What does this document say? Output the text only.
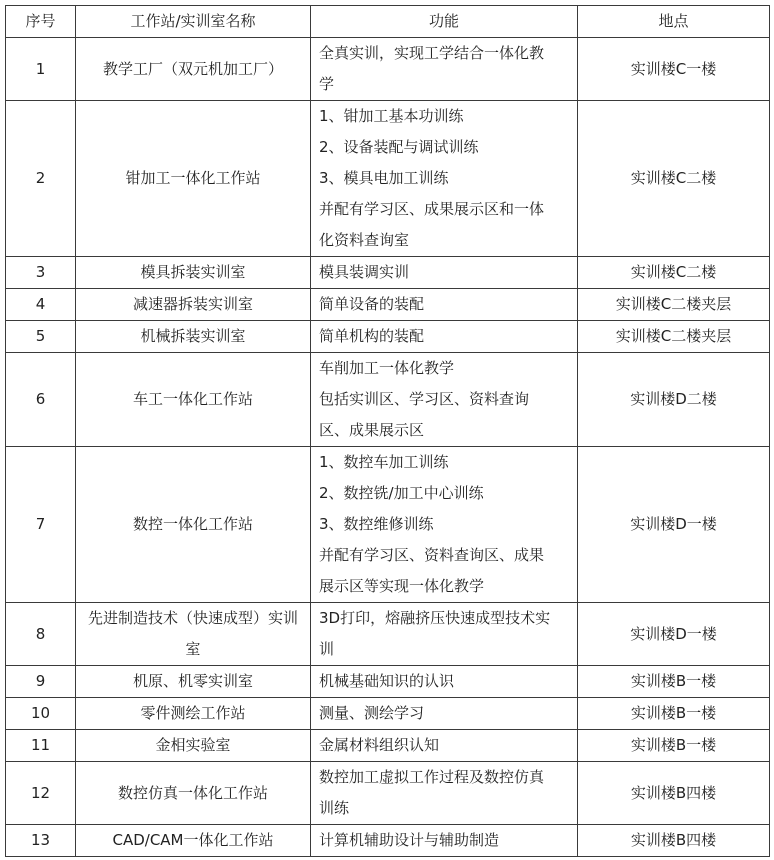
序号	工作站/实训室名称	功能	地点
1	教学工厂（双元机加工厂）	全真实训，实现工学结合一体化教
学	实训楼C一楼
2	钳加工一体化工作站	1、钳加工基本功训练
2、设备装配与调试训练
3、模具电加工训练
并配有学习区、成果展示区和一体
化资料查询室	实训楼C二楼
3	模具拆装实训室	模具装调实训	实训楼C二楼
4	减速器拆装实训室	简单设备的装配	实训楼C二楼夹层
5	机械拆装实训室	简单机构的装配	实训楼C二楼夹层
6	车工一体化工作站	车削加工一体化教学
包括实训区、学习区、资料查询
区、成果展示区	实训楼D二楼
7	数控一体化工作站	1、数控车加工训练
2、数控铣/加工中心训练
3、数控维修训练
并配有学习区、资料查询区、成果
展示区等实现一体化教学	实训楼D一楼
8	先进制造技术（快速成型）实训室	3D打印，熔融挤压快速成型技术实
训	实训楼D一楼
9	机原、机零实训室	机械基础知识的认识	实训楼B一楼
10	零件测绘工作站	测量、测绘学习	实训楼B一楼
11	金相实验室	金属材料组织认知	实训楼B一楼
12	数控仿真一体化工作站	数控加工虚拟工作过程及数控仿真
训练	实训楼B四楼
13	CAD/CAM一体化工作站	计算机辅助设计与辅助制造	实训楼B四楼
